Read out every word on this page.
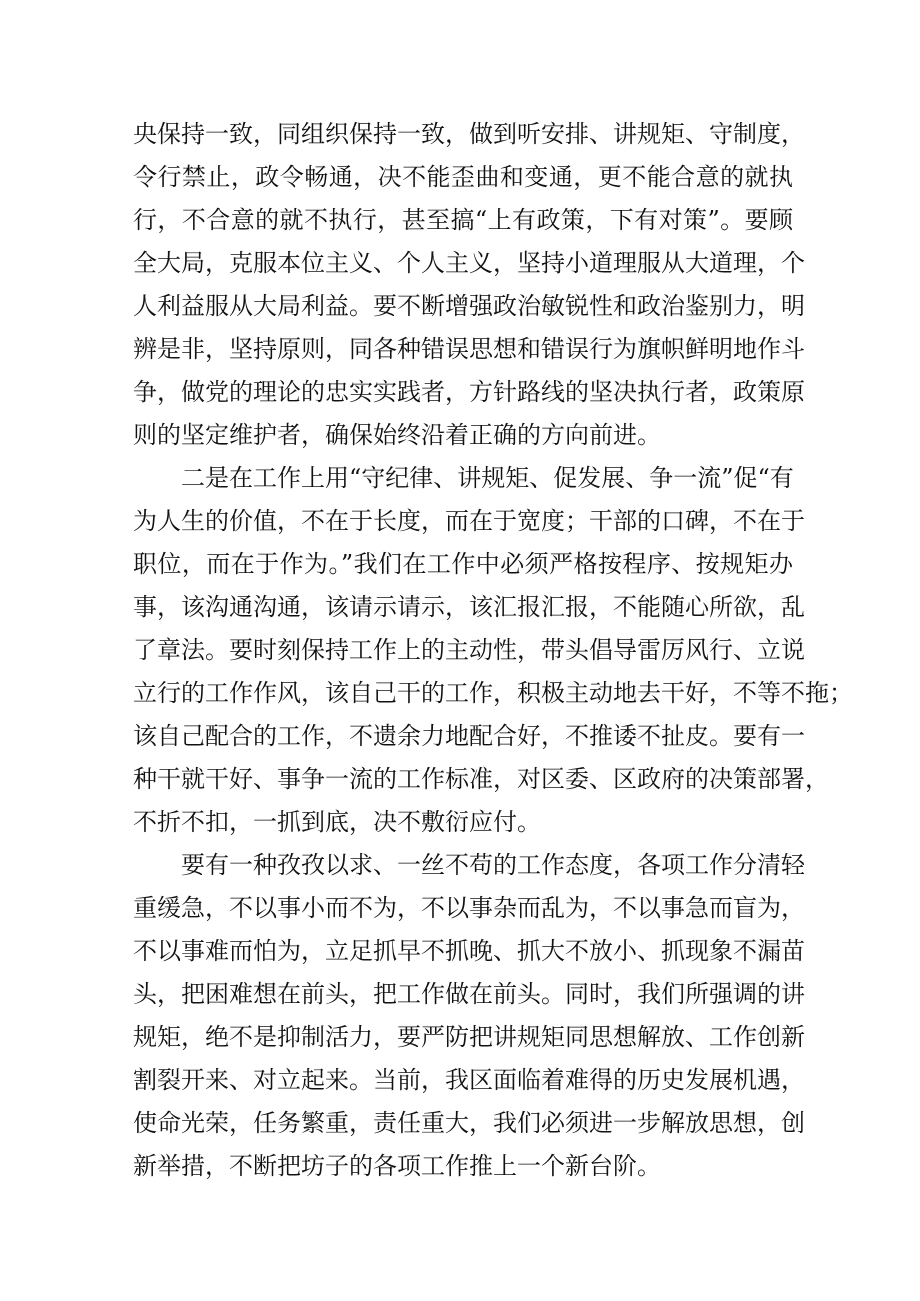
央保持一致，同组织保持一致，做到听安排、讲规矩、守制度，
令行禁止，政令畅通，决不能歪曲和变通，更不能合意的就执
行，不合意的就不执行，甚至搞“上有政策，下有对策”。要顾
全大局，克服本位主义、个人主义，坚持小道理服从大道理，个
人利益服从大局利益。要不断增强政治敏锐性和政治鉴别力，明
辨是非，坚持原则，同各种错误思想和错误行为旗帜鲜明地作斗
争，做党的理论的忠实实践者，方针路线的坚决执行者，政策原
则的坚定维护者，确保始终沿着正确的方向前进。
二是在工作上用“守纪律、讲规矩、促发展、争一流”促“有
为人生的价值，不在于长度，而在于宽度；干部的口碑，不在于
职位，而在于作为。”我们在工作中必须严格按程序、按规矩办
事，该沟通沟通，该请示请示，该汇报汇报，不能随心所欲，乱
了章法。要时刻保持工作上的主动性，带头倡导雷厉风行、立说
立行的工作作风，该自己干的工作，积极主动地去干好，不等不拖；
该自己配合的工作，不遗余力地配合好，不推诿不扯皮。要有一
种干就干好、事争一流的工作标准，对区委、区政府的决策部署，
不折不扣，一抓到底，决不敷衍应付。
要有一种孜孜以求、一丝不苟的工作态度，各项工作分清轻
重缓急，不以事小而不为，不以事杂而乱为，不以事急而盲为，
不以事难而怕为，立足抓早不抓晚、抓大不放小、抓现象不漏苗
头，把困难想在前头，把工作做在前头。同时，我们所强调的讲
规矩，绝不是抑制活力，要严防把讲规矩同思想解放、工作创新
割裂开来、对立起来。当前，我区面临着难得的历史发展机遇，
使命光荣，任务繁重，责任重大，我们必须进一步解放思想，创
新举措，不断把坊子的各项工作推上一个新台阶。
